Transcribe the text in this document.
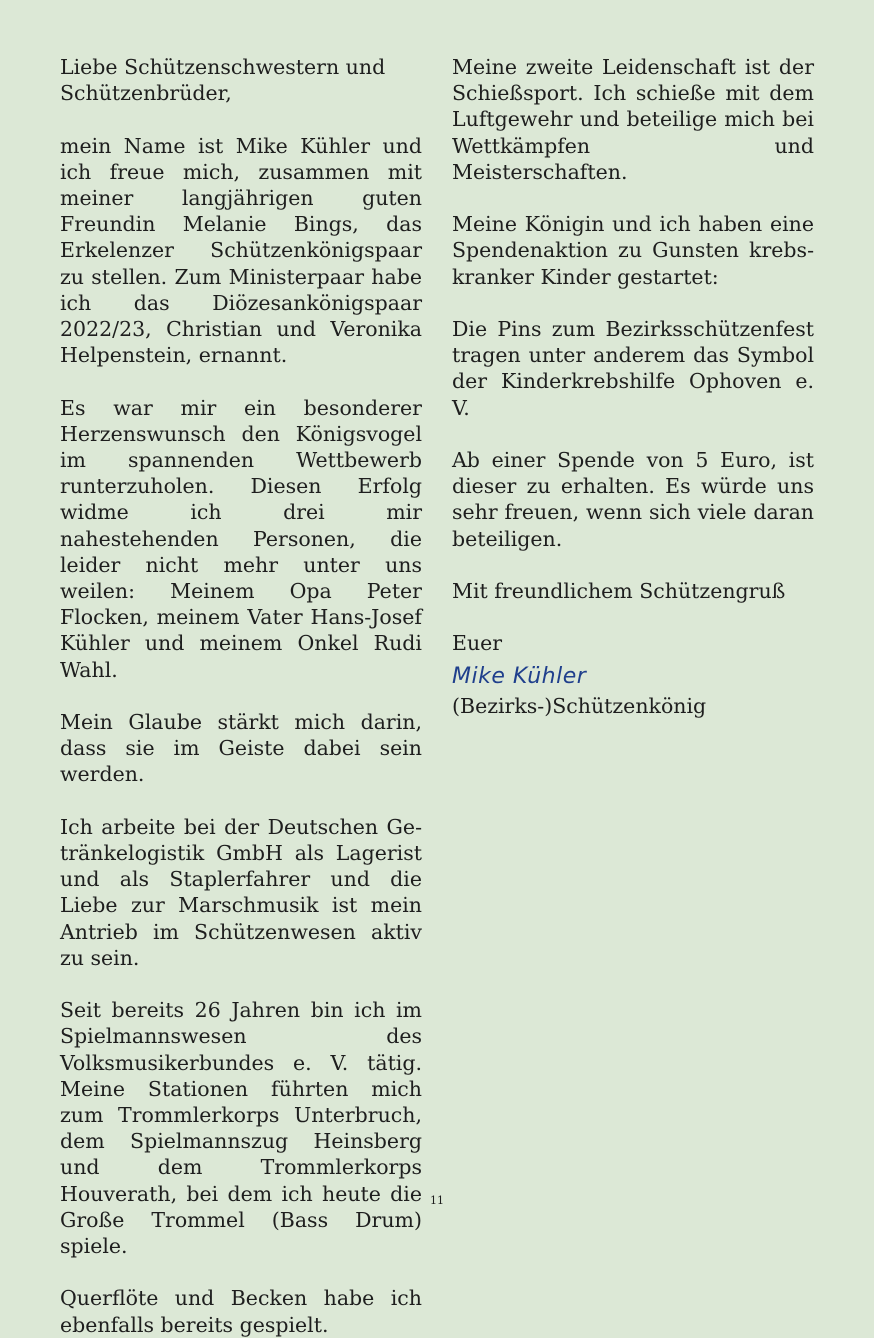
Liebe Schützenschwestern und Schützenbrüder,

mein Name ist Mike Kühler und ich freue mich, zusammen mit meiner langjährigen guten Freundin Melanie Bings, das Erkelenzer Schützenkönigspaar zu stellen. Zum Ministerpaar habe ich das Diözesankönigspaar 2022/23, Christian und Veronika Helpenstein, ernannt.

Es war mir ein besonderer Herzenswunsch den Königsvogel im spannenden Wettbewerb runterzuholen. Diesen Erfolg widme ich drei mir nahestehenden Personen, die leider nicht mehr unter uns weilen: Meinem Opa Peter Flocken, meinem Vater Hans-Josef Kühler und meinem Onkel Rudi Wahl.

Mein Glaube stärkt mich darin, dass sie im Geiste dabei sein werden.

Ich arbeite bei der Deutschen Getränkelogistik GmbH als Lagerist und als Staplerfahrer und die Liebe zur Marschmusik ist mein Antrieb im Schützenwesen aktiv zu sein.

Seit bereits 26 Jahren bin ich im Spielmannswesen des Volksmusikerbundes e. V. tätig. Meine Stationen führten mich zum Trommlerkorps Unterbruch, dem Spielmannszug Heinsberg und dem Trommlerkorps Houverath, bei dem ich heute die Große Trommel (Bass Drum) spiele.

Querflöte und Becken habe ich ebenfalls bereits gespielt.

Meine zweite Leidenschaft ist der Schießsport. Ich schieße mit dem Luftgewehr und beteilige mich bei Wettkämpfen und Meisterschaften.

Meine Königin und ich haben eine Spendenaktion zu Gunsten krebskranker Kinder gestartet:

Die Pins zum Bezirksschützenfest tragen unter anderem das Symbol der Kinderkrebshilfe Ophoven e. V.

Ab einer Spende von 5 Euro, ist dieser zu erhalten. Es würde uns sehr freuen, wenn sich viele daran beteiligen.

Mit freundlichem Schützengruß

Euer

Mike Kühler

(Bezirks-)Schützenkönig

11
